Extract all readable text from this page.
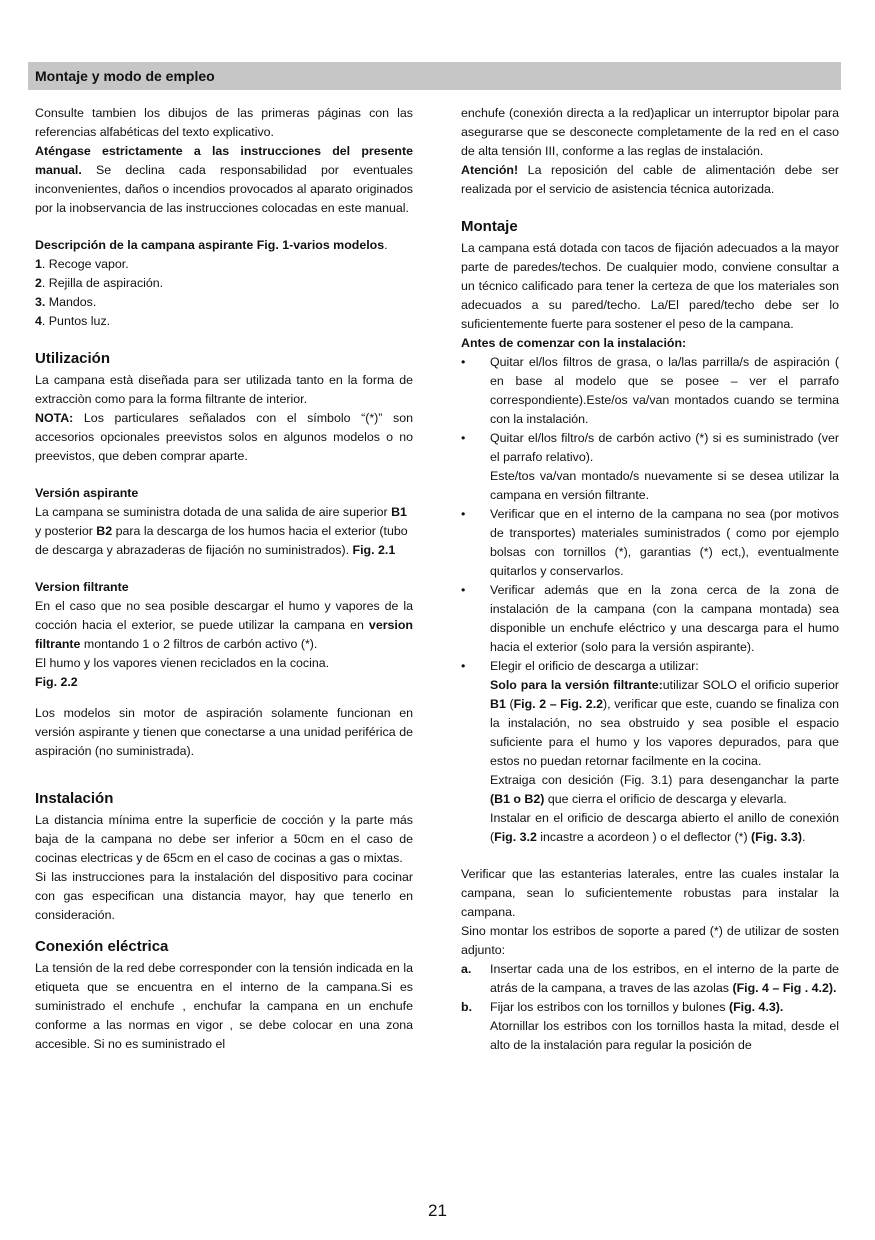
Montaje y modo de empleo

Consulte tambien los dibujos de las primeras páginas con las referencias alfabéticas del texto explicativo.

Aténgase estrictamente a las instrucciones del presente manual. Se declina cada responsabilidad por eventuales inconvenientes, daños o incendios provocados al aparato originados por la inobservancia de las instrucciones colocadas en este manual.

Descripción de la campana aspirante Fig. 1-varios modelos.

1. Recoge vapor.
2. Rejilla de aspiración.
3. Mandos.
4. Puntos luz.
Utilización

La campana està diseñada para ser utilizada tanto en la forma de extracciòn como para la forma filtrante de interior.

NOTA: Los particulares señalados con el símbolo “(*)” son accesorios opcionales preevistos solos en algunos modelos o no preevistos, que deben comprar aparte.

Versión aspirante

La campana se suministra dotada de una salida de aire superior B1 y posterior B2 para la descarga de los humos hacia el exterior (tubo de descarga y abrazaderas de fijación no suministrados). Fig. 2.1

Version filtrante

En el caso que no sea posible descargar el humo y vapores de la cocción hacia el exterior, se puede utilizar la campana en version filtrante montando 1 o 2 filtros de carbón activo (*).

El humo y los vapores vienen reciclados en la cocina.

Fig. 2.2

Los modelos sin motor de aspiración solamente funcionan en versión aspirante y tienen que conectarse a una unidad periférica de aspiración (no suministrada).

Instalación

La distancia mínima entre la superficie de cocción y la parte más baja de la campana no debe ser inferior a 50cm en el caso de cocinas electricas y de 65cm en el caso de cocinas a gas o mixtas.

Si las instrucciones para la instalación del dispositivo para cocinar con gas especifican una distancia mayor, hay que tenerlo en consideración.

Conexión eléctrica

La tensión de la red debe corresponder con la tensión indicada en la etiqueta que se encuentra en el interno de la campana.Si es suministrado el enchufe , enchufar la campana en un enchufe conforme a las normas en vigor , se debe colocar en una zona accesible. Si no es suministrado el

enchufe (conexión directa a la red)aplicar un interruptor bipolar para asegurarse que se desconecte completamente de la red en el caso de alta tensión III, conforme a las reglas de instalación.

Atención! La reposición del cable de alimentación debe ser realizada por el servicio de asistencia técnica autorizada.

Montaje

La campana está dotada con tacos de fijación adecuados a la mayor parte de paredes/techos. De cualquier modo, conviene consultar a un técnico calificado para tener la certeza de que los materiales son adecuados a su pared/techo. La/El pared/techo debe ser lo suficientemente fuerte para sostener el peso de la campana.

Antes de comenzar con la instalación:
• Quitar el/los filtros de grasa, o la/las parrilla/s de aspiración ( en base al modelo que se posee – ver el parrafo correspondiente).Este/os va/van montados cuando se termina con la instalación.

• Quitar el/los filtro/s de carbón activo (*) si es suministrado (ver el parrafo relativo).

Este/tos va/van montado/s nuevamente si se desea utilizar la campana en versión filtrante.

• Verificar que en el interno de la campana no sea (por motivos de transportes) materiales suministrados ( como por ejemplo bolsas con tornillos (*), garantias (*) ect,), eventualmente quitarlos y conservarlos.

• Verificar además que en la zona cerca de la zona de instalación de la campana (con la campana montada) sea disponible un enchufe eléctrico y una descarga para el humo hacia el exterior (solo para la versión aspirante).

• Elegir el orificio de descarga a utilizar:

Solo para la versión filtrante:utilizar SOLO el orificio superior B1 (Fig. 2 – Fig. 2.2), verificar que este, cuando se finaliza con la instalación, no sea obstruido y sea posible el espacio suficiente para el humo y los vapores depurados, para que estos no puedan retornar facilmente en la cocina.

Extraiga con desición (Fig. 3.1) para desenganchar la parte (B1 o B2) que cierra el orificio de descarga y elevarla.

Instalar en el orificio de descarga abierto el anillo de conexión (Fig. 3.2 incastre a acordeon ) o el deflector (*) (Fig. 3.3).

Verificar que las estanterias laterales, entre las cuales instalar la campana, sean lo suficientemente robustas para instalar la campana.

Sino montar los estribos de soporte a pared (*) de utilizar de sosten adjunto:

a. Insertar cada una de los estribos, en el interno de la parte de atrás de la campana, a traves de las azolas (Fig. 4 – Fig . 4.2).

b. Fijar los estribos con los tornillos y bulones (Fig. 4.3).

Atornillar los estribos con los tornillos hasta la mitad, desde el alto de la instalación para regular la posición de

21
